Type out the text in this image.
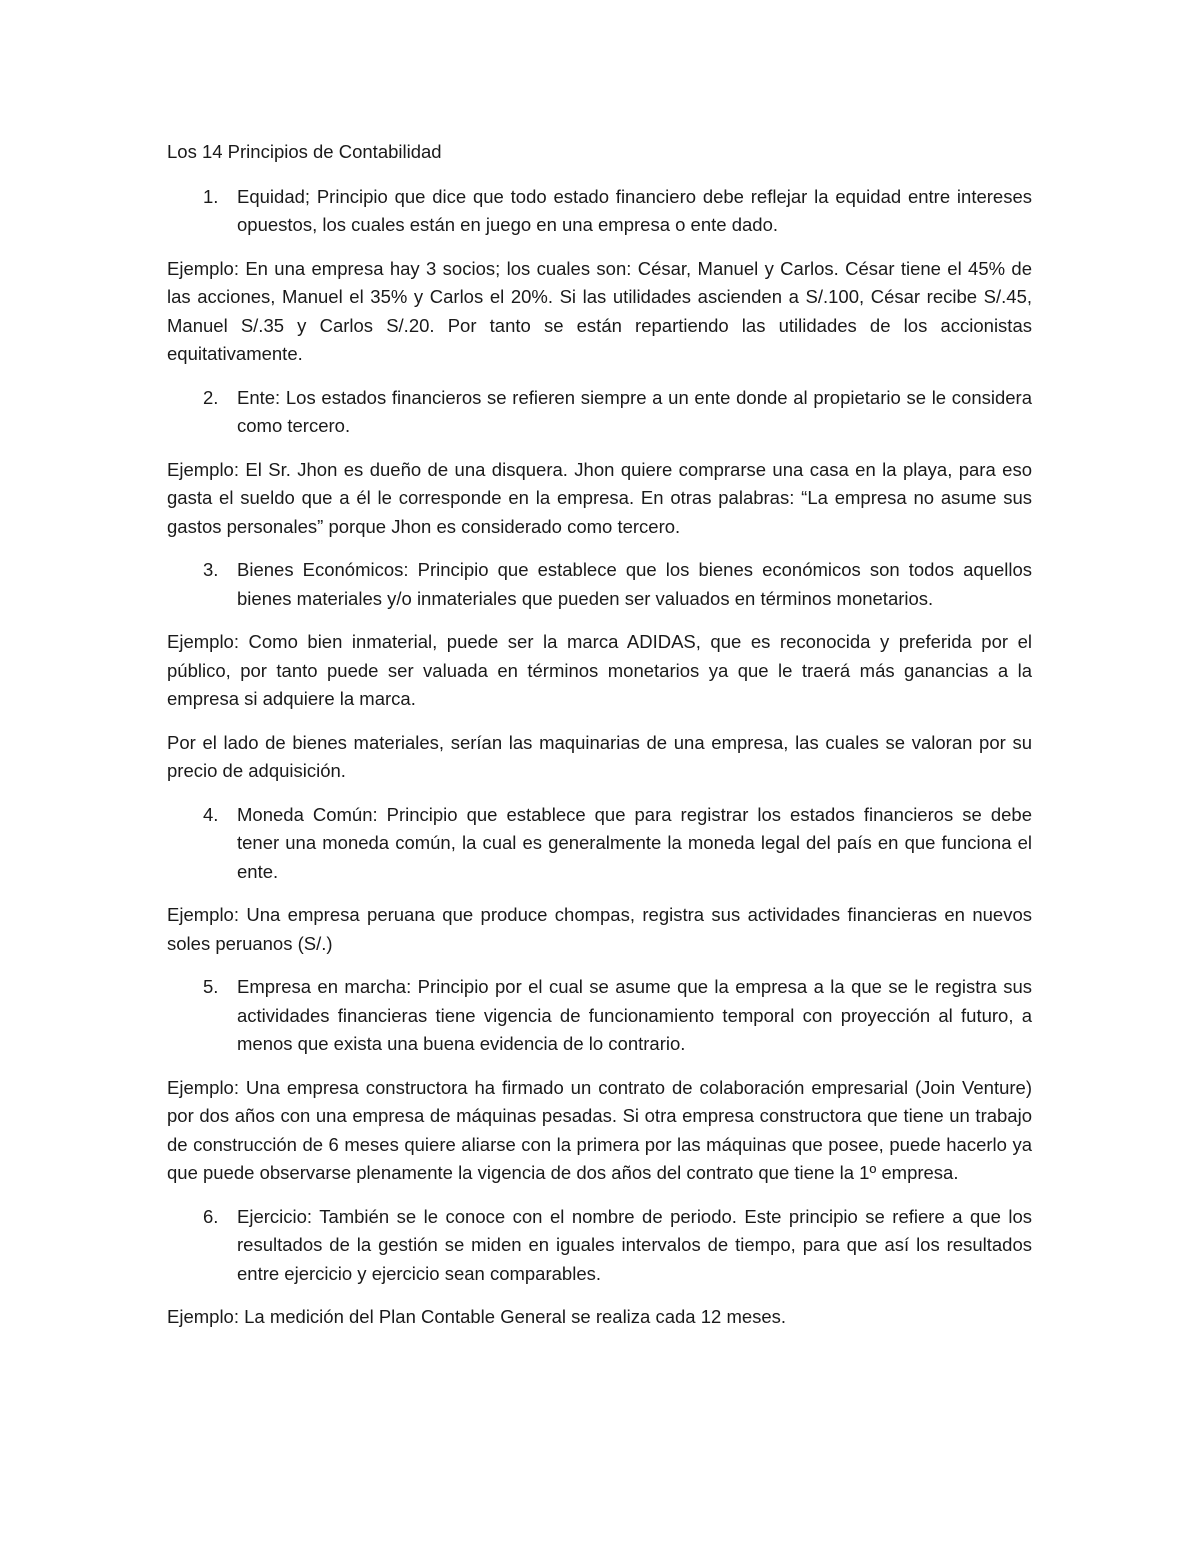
Los 14 Principios de Contabilidad

1. Equidad; Principio que dice que todo estado financiero debe reflejar la equidad entre intereses opuestos, los cuales están en juego en una empresa o ente dado.

Ejemplo: En una empresa hay 3 socios; los cuales son: César, Manuel y Carlos. César tiene el 45% de las acciones, Manuel el 35% y Carlos el 20%. Si las utilidades ascienden a S/.100, César recibe S/.45, Manuel S/.35 y Carlos S/.20. Por tanto se están repartiendo las utilidades de los accionistas equitativamente.

2. Ente: Los estados financieros se refieren siempre a un ente donde al propietario se le considera como tercero.

Ejemplo: El Sr. Jhon es dueño de una disquera. Jhon quiere comprarse una casa en la playa, para eso gasta el sueldo que a él le corresponde en la empresa. En otras palabras: “La empresa no asume sus gastos personales” porque Jhon es considerado como tercero.

3. Bienes Económicos: Principio que establece que los bienes económicos son todos aquellos bienes materiales y/o inmateriales que pueden ser valuados en términos monetarios.

Ejemplo: Como bien inmaterial, puede ser la marca ADIDAS, que es reconocida y preferida por el público, por tanto puede ser valuada en términos monetarios ya que le traerá más ganancias a la empresa si adquiere la marca.

Por el lado de bienes materiales, serían las maquinarias de una empresa, las cuales se valoran por su precio de adquisición.

4. Moneda Común: Principio que establece que para registrar los estados financieros se debe tener una moneda común, la cual es generalmente la moneda legal del país en que funciona el ente.

Ejemplo: Una empresa peruana que produce chompas, registra sus actividades financieras en nuevos soles peruanos (S/.)

5. Empresa en marcha: Principio por el cual se asume que la empresa a la que se le registra sus actividades financieras tiene vigencia de funcionamiento temporal con proyección al futuro, a menos que exista una buena evidencia de lo contrario.

Ejemplo: Una empresa constructora ha firmado un contrato de colaboración empresarial (Join Venture) por dos años con una empresa de máquinas pesadas. Si otra empresa constructora que tiene un trabajo de construcción de 6 meses quiere aliarse con la primera por las máquinas que posee, puede hacerlo ya que puede observarse plenamente la vigencia de dos años del contrato que tiene la 1º empresa.

6. Ejercicio: También se le conoce con el nombre de periodo. Este principio se refiere a que los resultados de la gestión se miden en iguales intervalos de tiempo, para que así los resultados entre ejercicio y ejercicio sean comparables.

Ejemplo: La medición del Plan Contable General se realiza cada 12 meses.
